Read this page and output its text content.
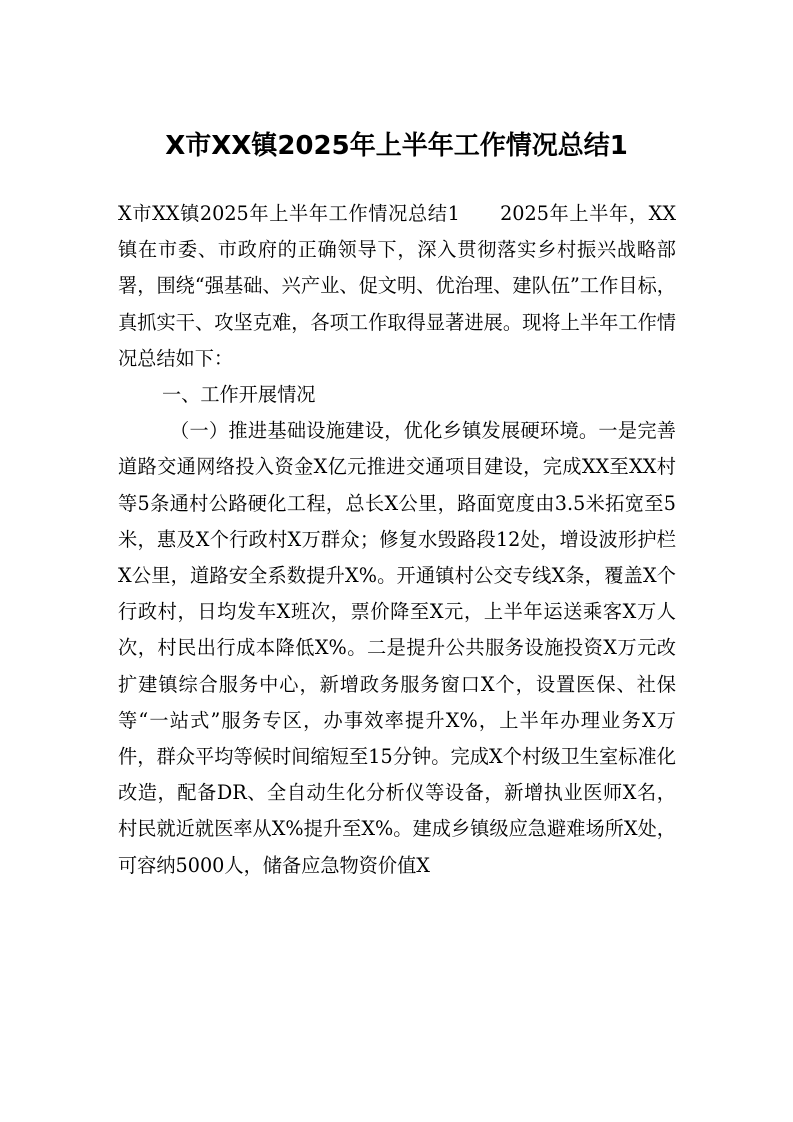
X市XX镇2025年上半年工作情况总结1

X市XX镇2025年上半年工作情况总结1　　2025年上半年，XX镇在市委、市政府的正确领导下，深入贯彻落实乡村振兴战略部署，围绕“强基础、兴产业、促文明、优治理、建队伍”工作目标，真抓实干、攻坚克难，各项工作取得显著进展。现将上半年工作情况总结如下：

一、工作开展情况

（一）推进基础设施建设，优化乡镇发展硬环境。一是完善道路交通网络投入资金X亿元推进交通项目建设，完成XX至XX村等5条通村公路硬化工程，总长X公里，路面宽度由3.5米拓宽至5米，惠及X个行政村X万群众；修复水毁路段12处，增设波形护栏X公里，道路安全系数提升X%。开通镇村公交专线X条，覆盖X个行政村，日均发车X班次，票价降至X元，上半年运送乘客X万人次，村民出行成本降低X%。二是提升公共服务设施投资X万元改扩建镇综合服务中心，新增政务服务窗口X个，设置医保、社保等“一站式”服务专区，办事效率提升X%，上半年办理业务X万件，群众平均等候时间缩短至15分钟。完成X个村级卫生室标准化改造，配备DR、全自动生化分析仪等设备，新增执业医师X名，村民就近就医率从X%提升至X%。建成乡镇级应急避难场所X处，可容纳5000人，储备应急物资价值X
